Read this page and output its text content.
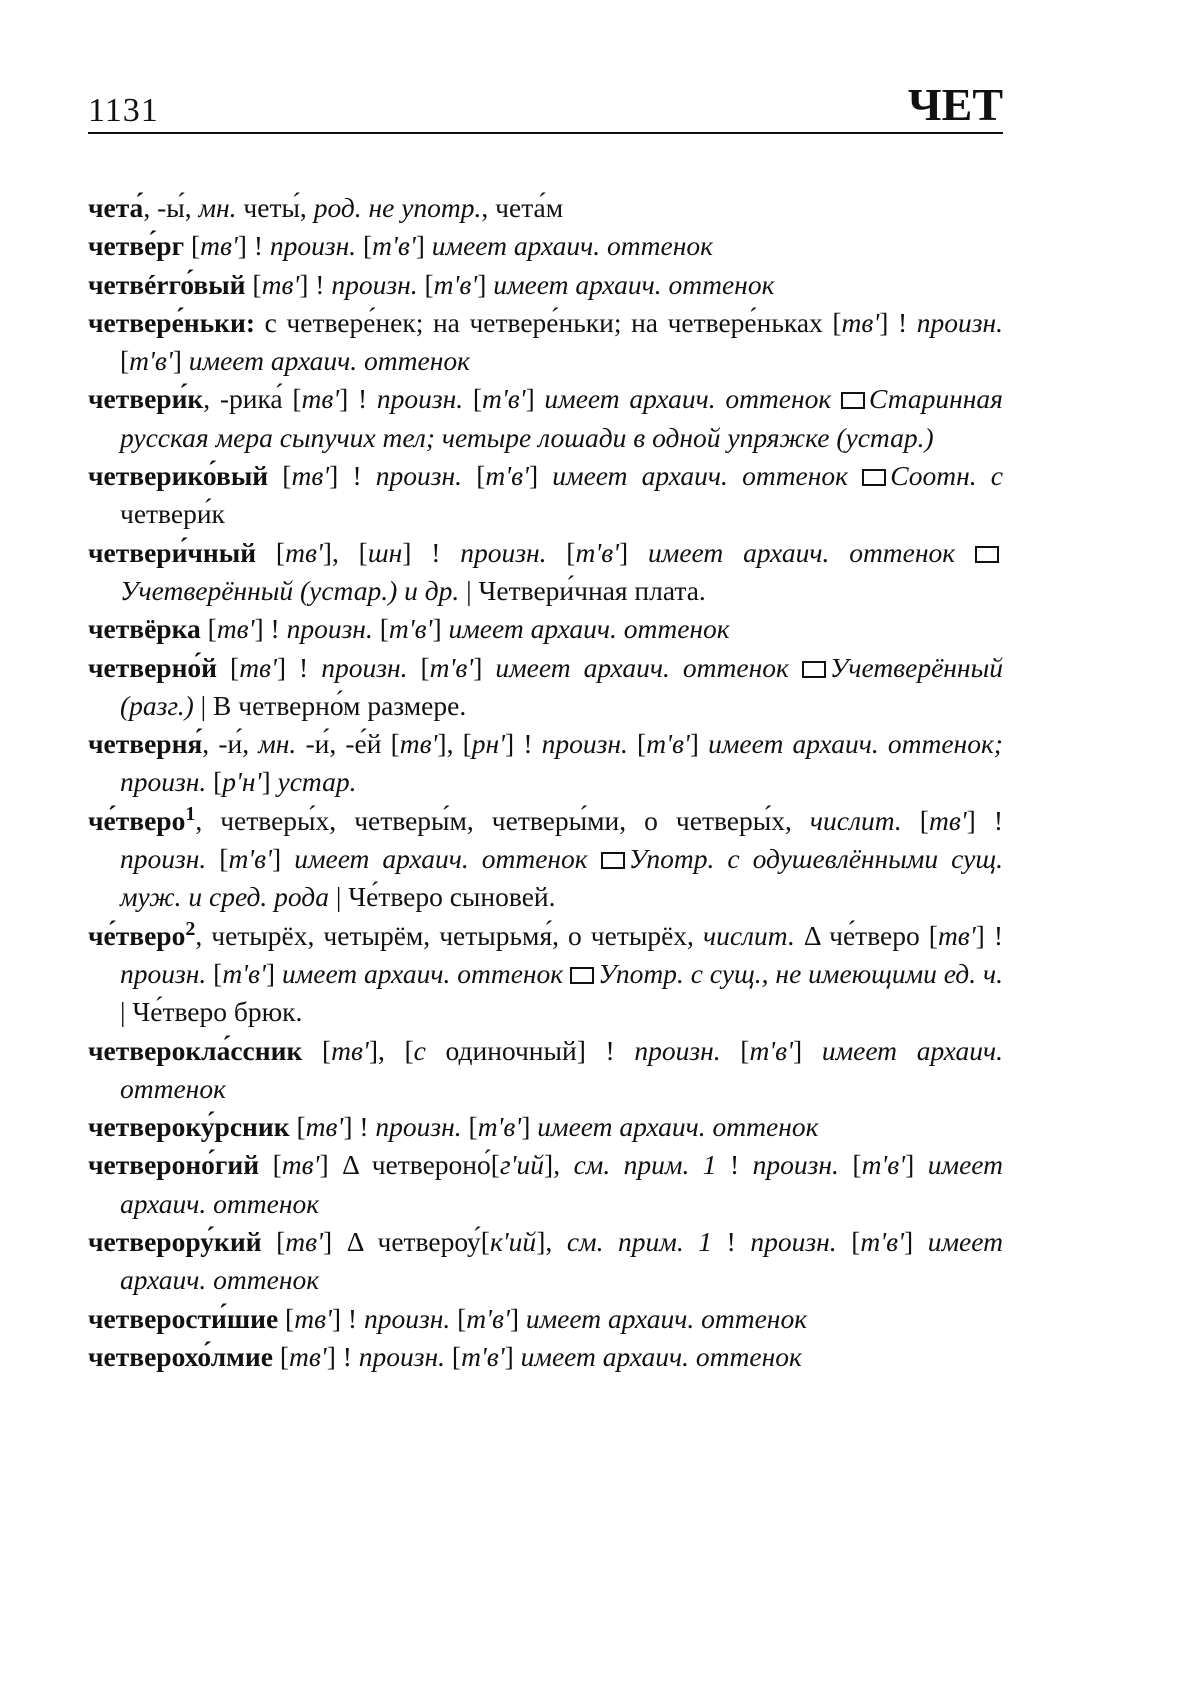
1131	ЧЕТ
чета́, -ы́, мн. четы́, род. не употр., чета́м
четве́рг [тв'] ! произн. [т'в'] имеет архаич. оттенок
четвérго́вый [тв'] ! произн. [т'в'] имеет архаич. оттенок
четвере́ньки: с четвере́нек; на четвере́ньки; на четвере́ньках [тв'] ! произн. [т'в'] имеет архаич. оттенок
четвери́к, -рика́ [тв'] ! произн. [т'в'] имеет архаич. оттенок Старинная русская мера сыпучих тел; четыре лошади в одной упряжке (устар.)
четверико́вый [тв'] ! произн. [т'в'] имеет архаич. оттенок Соотн. с четвери́к
четвери́чный [тв'], [шн] ! произн. [т'в'] имеет архаич. оттенок Учетверённый (устар.) и др. | Четвери́чная плата.
четвёрка [тв'] ! произн. [т'в'] имеет архаич. оттенок
четверно́й [тв'] ! произн. [т'в'] имеет архаич. оттенок Учетверённый (разг.) | В четверно́м размере.
четверня́, -и́, мн. -и́, -е́й [тв'], [рн'] ! произн. [т'в'] имеет архаич. оттенок; произн. [р'н'] устар.
че́тверо$^1$, четверы́х, четверы́м, четверы́ми, о четверы́х, числит. [тв'] ! произн. [т'в'] имеет архаич. оттенок Употр. с одушевлёнными сущ. муж. и сред. рода | Че́тверо сыновей.
че́тверо$^2$, четырёх, четырём, четырьмя́, о четырёх, числит. Δ че́тверо [тв'] ! произн. [т'в'] имеет архаич. оттенок Употр. с сущ., не имеющими ед. ч. | Че́тверо брюк.
четверокла́ссник [тв'], [с одиночный] ! произн. [т'в'] имеет архаич. оттенок
четвероку́рсник [тв'] ! произн. [т'в'] имеет архаич. оттенок
четвероно́гий [тв'] Δ четвероно́[г'ий], см. прим. 1 ! произн. [т'в'] имеет архаич. оттенок
четверору́кий [тв'] Δ четвероу́[к'ий], см. прим. 1 ! произн. [т'в'] имеет архаич. оттенок
четверости́шие [тв'] ! произн. [т'в'] имеет архаич. оттенок
четверохо́лмие [тв'] ! произн. [т'в'] имеет архаич. оттенок
